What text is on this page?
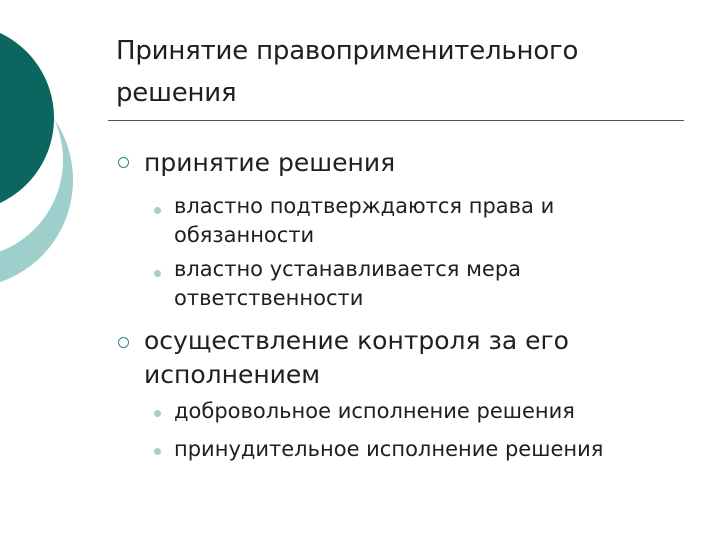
Принятие правоприменительного
решения
принятие решения
властно подтверждаются права и
обязанности
властно устанавливается мера
ответственности
осуществление контроля за его
исполнением
добровольное исполнение решения
принудительное исполнение решения
